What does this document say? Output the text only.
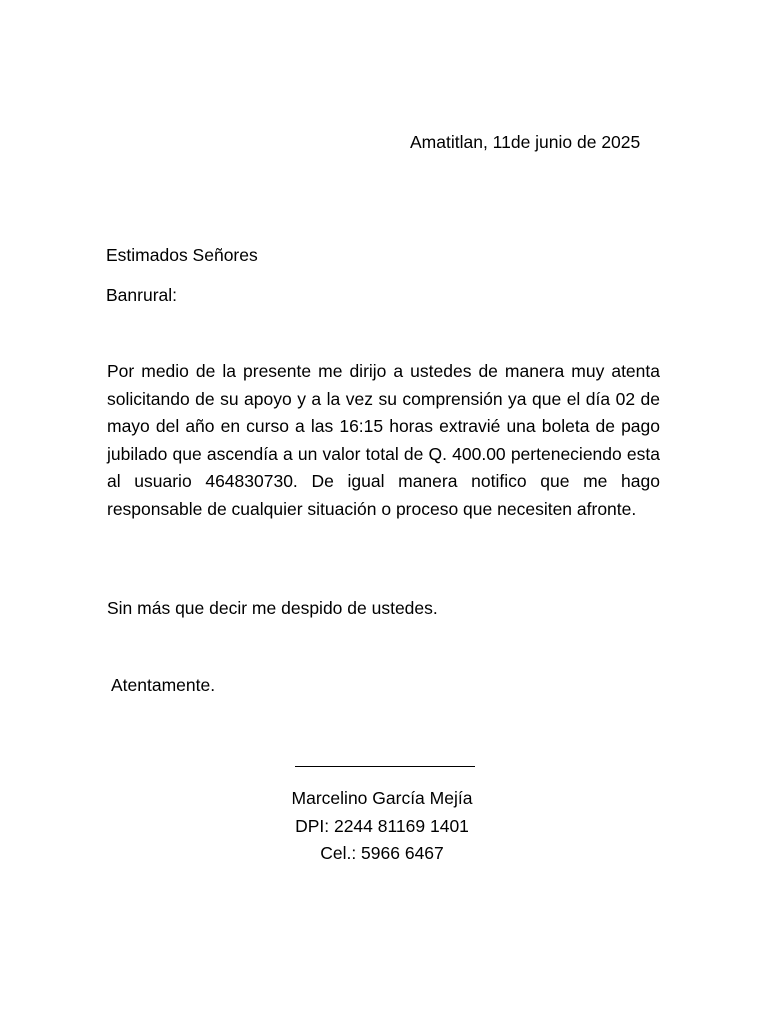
Amatitlan, 11de junio de 2025
Estimados Señores
Banrural:
Por medio de la presente me dirijo a ustedes de manera muy atenta solicitando de su apoyo y a la vez su comprensión ya que el día 02 de mayo del año en curso a las 16:15 horas extravié una boleta de pago jubilado que ascendía a un valor total de Q. 400.00 perteneciendo esta al usuario 464830730. De igual manera notifico que me hago responsable de cualquier situación o proceso que necesiten afronte.
Sin más que decir me despido de ustedes.
Atentamente.
Marcelino García Mejía
DPI: 2244 81169 1401
Cel.: 5966 6467
